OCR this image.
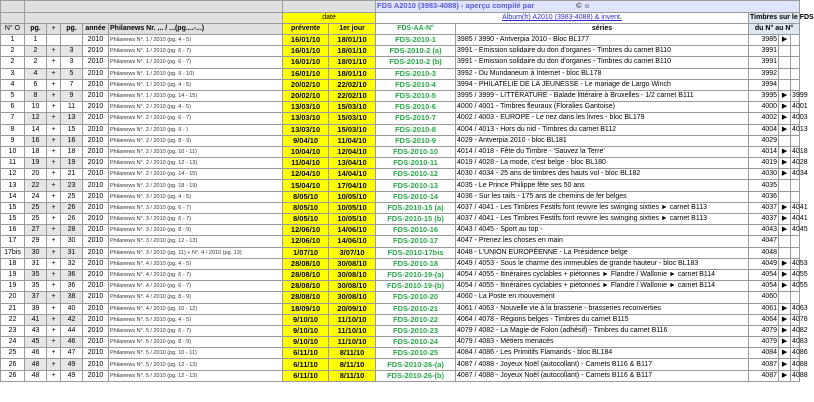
								FDS A2010 (3983-4088) - aperçu compilé par © ☺				
						date		Album(fr) A2010 (3983-4088) & invent.		Timbres sur le FDS		
N° O	pg.	+	pg.	année	Philanews Nr. ... / ...(pg....-...)	prévente	1er jour	FDS-AA-N°	séries	du N° au N°		
1	1			2010	Philanews N°. 1 / 2010 (pg. 4 - 5)	16/01/10	18/01/10	FDS-2010-1	3985 / 3990 - Antverpia 2010 - Bloc BL177	3985	▶	
2	2	+	3	2010	Philanews N°. 1 / 2010 (pg. 6 - 7)	16/01/10	18/01/10	FDS-2010-2 (a)	3991 - Emission solidaire du don d'organes - Timbres du carnet B110	3991		
2	2	+	3	2010	Philanews N°. 1 / 2010 (pg. 6 - 7)	16/01/10	18/01/10	FDS-2010-2 (b)	3991 - Emission solidaire du don d'organes - Timbres du carnet B110	3991		
3	4	+	5	2010	Philanews N°. 1 / 2010 (pg. 9 - 10)	16/01/10	18/01/10	FDS-2010-3	3992 - Du Mundaneum à Internet - bloc BL178	3992		
4	6	+	7	2010	Philanews N°. 1 / 2010 (pg. 4 - 5)	20/02/10	22/02/10	FDS-2010-4	3994 - PHILATELIE DE LA JEUNESSE - Le mariage de Largo Winch	3994		
5	8	+	9	2010	Philanews N°. 1 / 2010 (pg. 14 - 15)	20/02/10	22/02/10	FDS-2010-5	3995 / 3999 - LITTÉRATURE - Balade littéraire à Bruxelles - 1/2 carnet B111	3995	▶	3999
6	10	+	11	2010	Philanews N°. 2 / 2010 (pg. 4 - 5)	13/03/10	15/03/10	FDS-2010-6	4000 / 4001 - Timbres fleuraux (Floralies Gantoise)	4000	▶	4001
7	12	+	13	2010	Philanews N°. 2 / 2010 (pg. 6 - 7)	13/03/10	15/03/10	FDS-2010-7	4002 / 4003 - EUROPE - Le nez dans les livres - bloc BL179	4002	▶	4003
8	14	+	15	2010	Philanews N°. 2 / 2010 (pg. 9 - )	13/03/10	15/03/10	FDS-2010-8	4004 / 4013 - Hors du nid - Timbres du carnet B112	4004	▶	4013
9	16	+	16	2010	Philanews N°. 2 / 2010 (pg. 8 - 9)	9/04/10	11/04/10	FDS-2010-9	4029 - Antverpia 2010 - bloc BL181	4029		
10	18	+	18	2010	Philanews N°. 2 / 2010 (pg. 10 - 11)	10/04/10	12/04/10	FDS-2010-10	4014 / 4018 - Fête du Timbre - 'Sauvez la Terre'	4014	▶	4018
11	19	+	19	2010	Philanews N°. 2 / 2010 (pg. 12 - 13)	11/04/10	13/04/10	FDS-2010-11	4019 / 4028 - La mode, c'est belge - bloc BL180	4019	▶	4028
12	20	+	21	2010	Philanews N°. 2 / 2010 (pg. 14 - 15)	12/04/10	14/04/10	FDS-2010-12	4030 / 4034 - 25 ans de timbres des hauts vol - bloc BL182	4030	▶	4034
13	22	+	23	2010	Philanews N°. 2 / 2010 (pg. 18 - 19)	15/04/10	17/04/10	FDS-2010-13	4035 - Le Prince Philippe fête ses 50 ans	4035		
14	24	+	25	2010	Philanews N°. 3 / 2010 (pg. 4 - 5)	8/05/10	10/05/10	FDS-2010-14	4036 - Sur les rails - 175 ans de chemins de fer belges	4036		
15	25	+	26	2010	Philanews N°. 3 / 2010 (pg. 6 - 7)	8/05/10	10/05/10	FDS-2010-15 (a)	4037 / 4041 - Les Timbres Festifs font revivre les swinging sixties ► carnet B113	4037	▶	4041
15	25	+	26	2010	Philanews N°. 3 / 2010 (pg. 6 - 7)	8/05/10	10/05/10	FDS-2010-15 (b)	4037 / 4041 - Les Timbres Festifs font revivre les swinging sixties ► carnet B113	4037	▶	4041
16	27	+	28	2010	Philanews N°. 3 / 2010 (pg. 8 - 9)	12/06/10	14/06/10	FDS-2010-16	4043 / 4045 - Sport au top -	4043	▶	4045
17	29	+	30	2010	Philanews N°. 3 / 2010 (pg. 12 - 13)	12/06/10	14/06/10	FDS-2010-17	4047 - Prenez les choses en main	4047		
17bis	30	+	31	2010	Philanews N°. 3 / 2010 (pg. 11) + N°. 4 / 2010 (pg. 13)	1/07/10	3/07/10	FDS-2010-17bis	4048 - L'UNION EUROPÉENNE - La Présidence belge	4048		
18	31	+	32	2010	Philanews N°. 4 / 2010 (pg. 4 - 5)	28/08/10	30/08/10	FDS-2010-18	4049 / 4053 - Sous le charme des immeubles de grande hauteur - bloc BL183	4049	▶	4053
19	35	+	36	2010	Philanews N°. 4 / 2010 (pg. 6 - 7)	28/08/10	30/08/10	FDS-2010-19-(a)	4054 / 4055 - Itinéraires cyclables + piétonnes ► Flandre / Wallonie ► carnet B114	4054	▶	4055
19	35	+	36	2010	Philanews N°. 4 / 2010 (pg. 6 - 7)	28/08/10	30/08/10	FDS-2010-19-(b)	4054 / 4055 - Itinéraires cyclables + piétonnes ► Flandre / Wallonie ► carnet B114	4054	▶	4055
20	37	+	38	2010	Philanews N°. 4 / 2010 (pg. 8 - 9)	28/08/10	30/08/10	FDS-2010-20	4060 - La Poste en mouvement	4060		
21	39	+	40	2010	Philanews N°. 4 / 2010 (pg. 10 - 12)	18/09/10	20/09/10	FDS-2010-21	4061 / 4063 - Nouvelle vie à la brasserie - brasseries reconverties	4061	▶	4063
22	41	+	42	2010	Philanews N°. 5 / 2010 (pg. 4 - 5)	9/10/10	11/10/10	FDS-2010-22	4064 / 4078 - Régions belges - Timbres du carnet B115	4064	▶	4078
23	43	+	44	2010	Philanews N°. 5 / 2010 (pg. 6 - 7)	9/10/10	11/10/10	FDS-2010-23	4079 / 4082 - La Magie de Folon (adhésif) - Timbres du carnet B116	4079	▶	4082
24	45	+	46	2010	Philanews N°. 5 / 2010 (pg. 8 - 9)	9/10/10	11/10/10	FDS-2010-24	4079 / 4083 - Métiers menacés	4079	▶	4083
25	46	+	47	2010	Philanews N°. 5 / 2010 (pg. 10 - 11)	6/11/10	8/11/10	FDS-2010-25	4084 / 4086 - Les Primitifs Flamands - bloc BL184	4084	▶	4086
26	48	+	49	2010	Philanews N°. 5 / 2010 (pg. 12 - 13)	6/11/10	8/11/10	FDS-2010-26-(a)	4087 / 4088 - Joyeux Noël (autocollant) - Carnets B116 & B117	4087	▶	4088
26	48	+	49	2010	Philanews N°. 5 / 2010 (pg. 12 - 13)	6/11/10	8/11/10	FDS-2010-26-(b)	4087 / 4088 - Joyeux Noël (autocollant) - Carnets B116 & B117	4087	▶	4088
